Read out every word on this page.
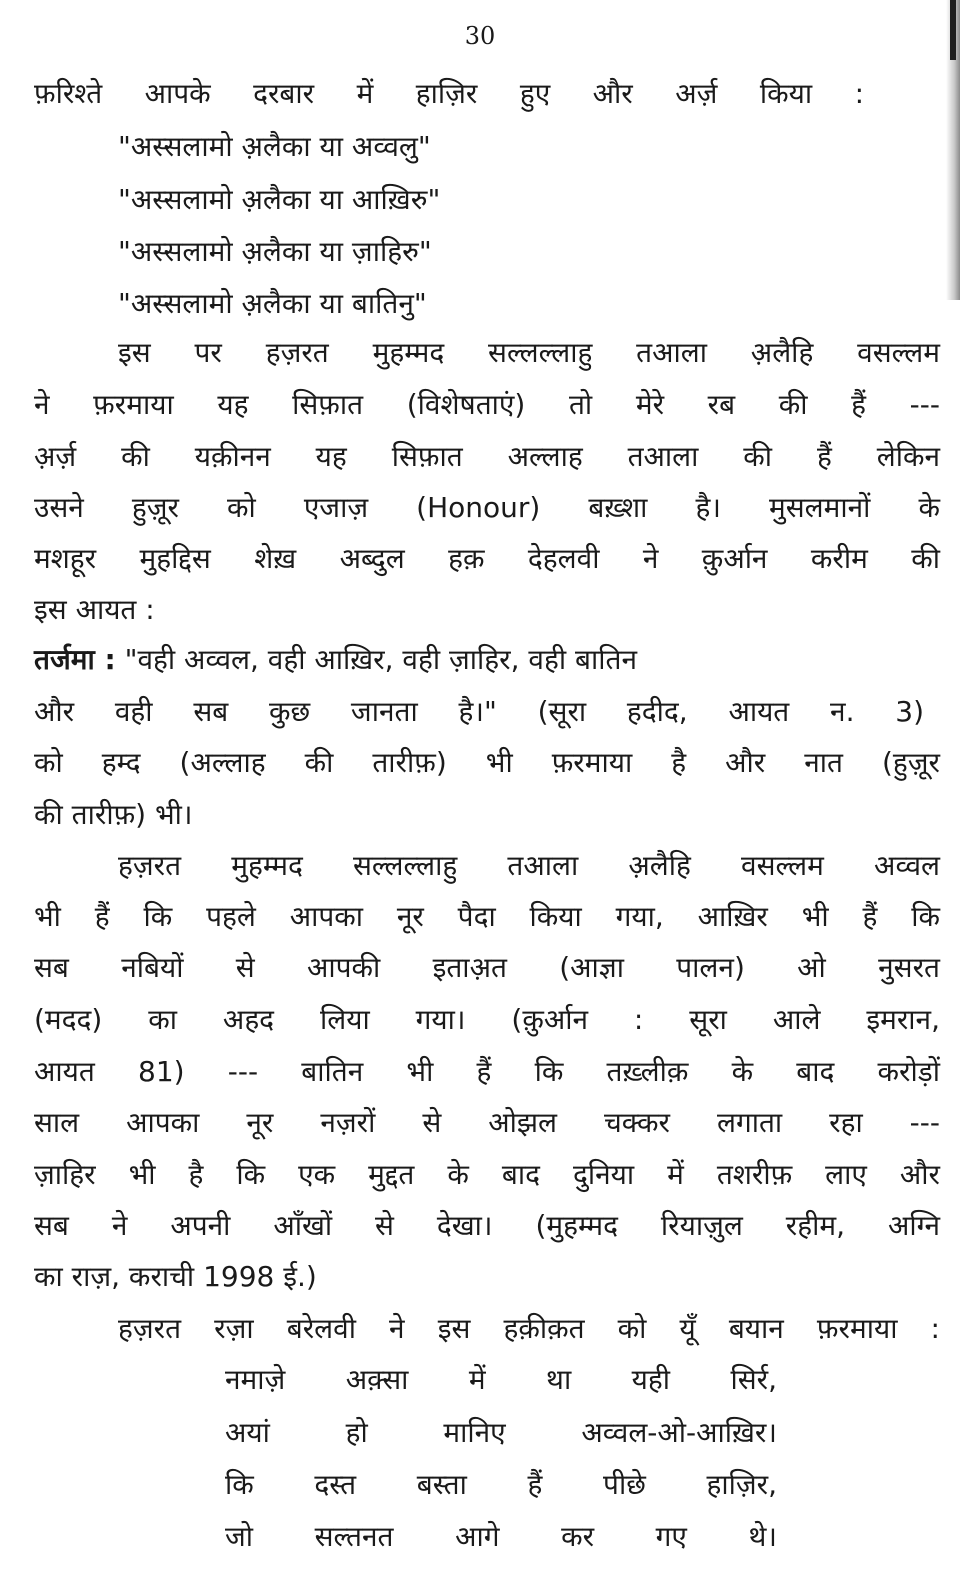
30
फ़रिश्ते आपके दरबार में हाज़िर हुए और अर्ज़ किया :
"अस्सलामो अ़लैका या अव्वलु"
"अस्सलामो अ़लैका या आख़िरु"
"अस्सलामो अ़लैका या ज़ाहिरु"
"अस्सलामो अ़लैका या बातिनु"
इस पर हज़रत मुहम्मद सल्लल्लाहु तआला अ़लैहि वसल्लम
ने फ़रमाया यह सिफ़ात (विशेषताएं) तो मेरे रब की हैं ---
अ़र्ज़ की यक़ीनन यह सिफ़ात अल्लाह तआला की हैं लेकिन
उसने हुज़ूर को एजाज़ (Honour) बख़्शा है। मुसलमानों के
मशहूर मुहद्दिस शेख़ अब्दुल हक़ देहलवी ने क़ुर्आन करीम की
इस आयत :
तर्जमा : "वही अव्वल, वही आख़िर, वही ज़ाहिर, वही बातिन
और वही सब कुछ जानता है।" (सूरा हदीद, आयत न. 3)
को हम्द (अल्लाह की तारीफ़) भी फ़रमाया है और नात (हुज़ूर
की तारीफ़) भी।
हज़रत मुहम्मद सल्लल्लाहु तआला अ़लैहि वसल्लम अव्वल
भी हैं कि पहले आपका नूर पैदा किया गया, आख़िर भी हैं कि
सब नबियों से आपकी इताअ़त (आज्ञा पालन) ओ नुसरत
(मदद) का अहद लिया गया। (क़ुर्आन : सूरा आले इमरान,
आयत 81) --- बातिन भी हैं कि तख़्लीक़ के बाद करोड़ों
साल आपका नूर नज़रों से ओझल चक्कर लगाता रहा ---
ज़ाहिर भी है कि एक मुद्दत के बाद दुनिया में तशरीफ़ लाए और
सब ने अपनी आँखों से देखा। (मुहम्मद रियाज़ुल रहीम, अग्नि
का राज़, कराची 1998 ई.)
हज़रत रज़ा बरेलवी ने इस हक़ीक़त को यूँ बयान फ़रमाया :
नमाज़े अक़्सा में था यही सिर्र,
अयां हो मानिए अव्वल-ओ-आख़िर।
कि दस्त बस्ता हैं पीछे हाज़िर,
जो सल्तनत आगे कर गए थे।
